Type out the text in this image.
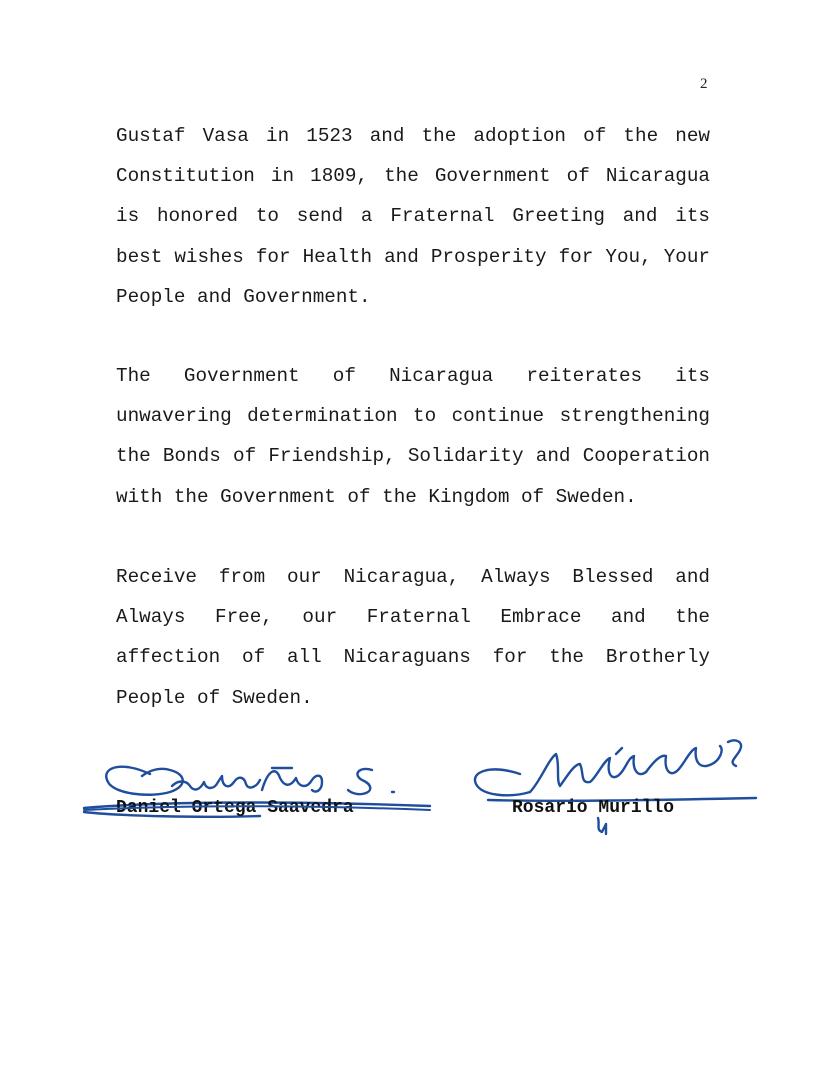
2

Gustaf Vasa in 1523 and the adoption of the new Constitution in 1809, the Government of Nicaragua is honored to send a Fraternal Greeting and its best wishes for Health and Prosperity for You, Your People and Government.

The Government of Nicaragua reiterates its unwavering determination to continue strengthening the Bonds of Friendship, Solidarity and Cooperation with the Government of the Kingdom of Sweden.

Receive from our Nicaragua, Always Blessed and Always Free, our Fraternal Embrace and the affection of all Nicaraguans for the Brotherly People of Sweden.

Daniel Ortega Saavedra	Rosario Murillo
